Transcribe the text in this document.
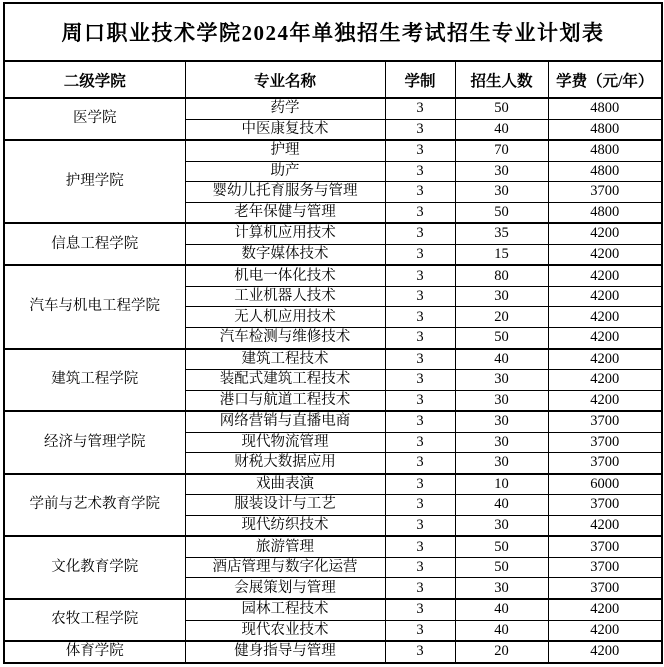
周口职业技术学院2024年单独招生考试招生专业计划表				
二级学院	专业名称	学制	招生人数	学费（元/年）
医学院	药学	3	50	4800
	中医康复技术	3	40	4800
护理学院	护理	3	70	4800
	助产	3	30	4800
	婴幼儿托育服务与管理	3	30	3700
	老年保健与管理	3	50	4800
信息工程学院	计算机应用技术	3	35	4200
	数字媒体技术	3	15	4200
汽车与机电工程学院	机电一体化技术	3	80	4200
	工业机器人技术	3	30	4200
	无人机应用技术	3	20	4200
	汽车检测与维修技术	3	50	4200
建筑工程学院	建筑工程技术	3	40	4200
	装配式建筑工程技术	3	30	4200
	港口与航道工程技术	3	30	4200
经济与管理学院	网络营销与直播电商	3	30	3700
	现代物流管理	3	30	3700
	财税大数据应用	3	30	3700
学前与艺术教育学院	戏曲表演	3	10	6000
	服装设计与工艺	3	40	3700
	现代纺织技术	3	30	4200
文化教育学院	旅游管理	3	50	3700
	酒店管理与数字化运营	3	50	3700
	会展策划与管理	3	30	3700
农牧工程学院	园林工程技术	3	40	4200
	现代农业技术	3	40	4200
体育学院	健身指导与管理	3	20	4200
